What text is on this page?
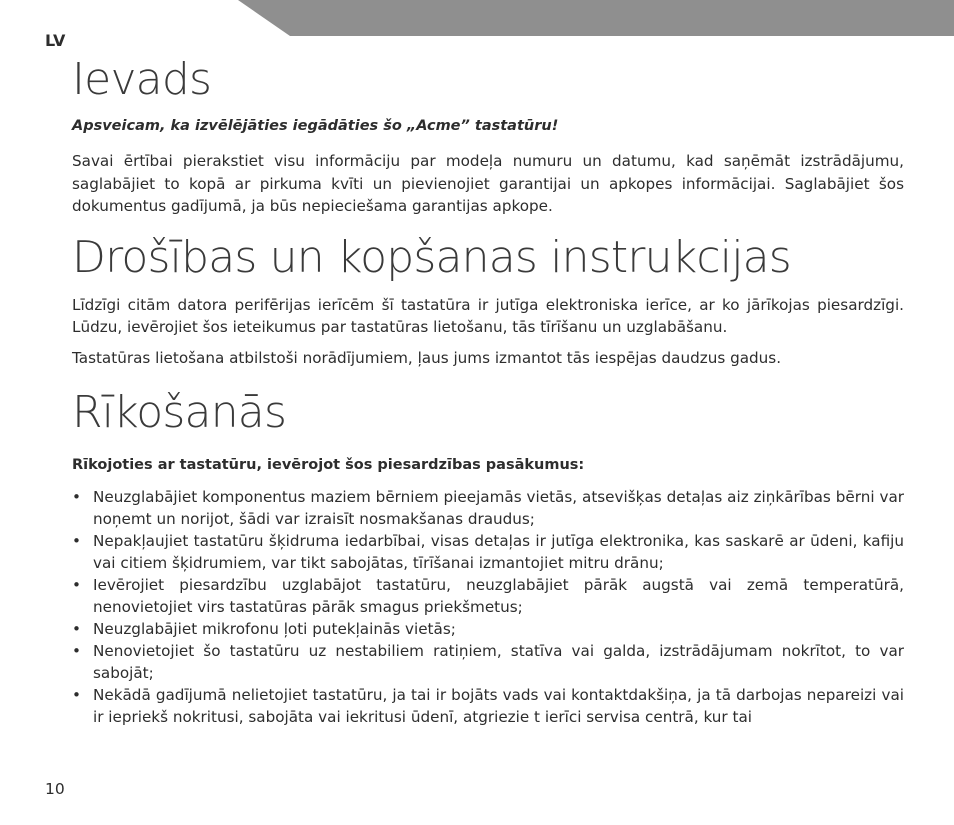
LV
Ievads

Apsveicam, ka izvēlējāties iegādāties šo „Acme” tastatūru!

Savai ērtībai pierakstiet visu informāciju par modeļa numuru un datumu, kad saņēmāt izstrādājumu, saglabājiet to kopā ar pirkuma kvīti un pievienojiet garantijai un apkopes informācijai. Saglabājiet šos dokumentus gadījumā, ja būs nepieciešama garantijas apkope.

Drošības un kopšanas instrukcijas

Līdzīgi citām datora perifērijas ierīcēm šī tastatūra ir jutīga elektroniska ierīce, ar ko jārīkojas piesardzīgi. Lūdzu, ievērojiet šos ieteikumus par tastatūras lietošanu, tās tīrīšanu un uzglabāšanu.

Tastatūras lietošana atbilstoši norādījumiem, ļaus jums izmantot tās iespējas daudzus gadus.

Rīkošanās

Rīkojoties ar tastatūru, ievērojot šos piesardzības pasākumus:

• Neuzglabājiet komponentus maziem bērniem pieejamās vietās, atsevišķas detaļas aiz ziņkārības bērni var noņemt un norijot, šādi var izraisīt nosmakšanas draudus;
• Nepakļaujiet tastatūru šķidruma iedarbībai, visas detaļas ir jutīga elektronika, kas saskarē ar ūdeni, kafiju vai citiem šķidrumiem, var tikt sabojātas, tīrīšanai izmantojiet mitru drānu;
• Ievērojiet piesardzību uzglabājot tastatūru, neuzglabājiet pārāk augstā vai zemā temperatūrā, nenovietojiet virs tastatūras pārāk smagus priekšmetus;
• Neuzglabājiet mikrofonu ļoti putekļainās vietās;
• Nenovietojiet šo tastatūru uz nestabiliem ratiņiem, statīva vai galda, izstrādājumam nokrītot, to var sabojāt;
• Nekādā gadījumā nelietojiet tastatūru, ja tai ir bojāts vads vai kontaktdakšiņa, ja tā darbojas nepareizi vai ir iepriekš nokritusi, sabojāta vai iekritusi ūdenī, atgriezie t ierīci servisa centrā, kur tai
10
